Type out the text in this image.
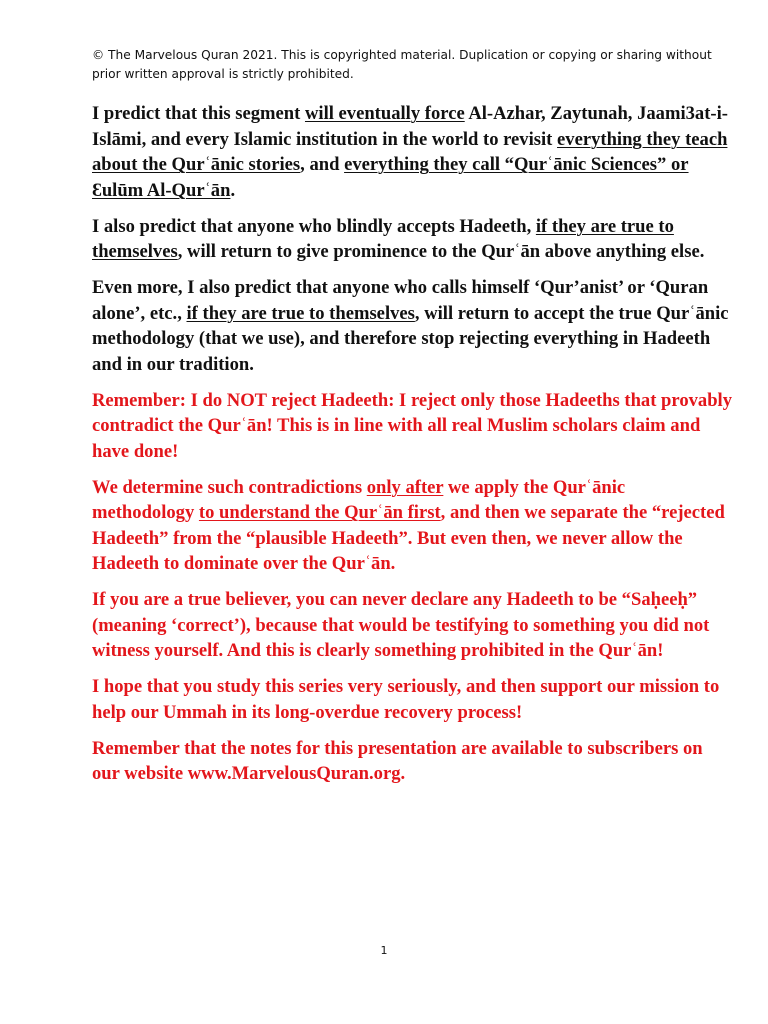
© The Marvelous Quran 2021. This is copyrighted material. Duplication or copying or sharing without prior written approval is strictly prohibited.

I predict that this segment will eventually force Al-Azhar, Zaytunah, Jaami3at-i-Islāmi, and every Islamic institution in the world to revisit everything they teach about the Qurʿānic stories, and everything they call “Qurʿānic Sciences” or Ɛulūm Al-Qurʿān.

I also predict that anyone who blindly accepts Hadeeth, if they are true to themselves, will return to give prominence to the Qurʿān above anything else.

Even more, I also predict that anyone who calls himself ‘Qur’anist’ or ‘Quran alone’, etc., if they are true to themselves, will return to accept the true Qurʿānic methodology (that we use), and therefore stop rejecting everything in Hadeeth and in our tradition.

Remember: I do NOT reject Hadeeth: I reject only those Hadeeths that provably contradict the Qurʿān! This is in line with all real Muslim scholars claim and have done!

We determine such contradictions only after we apply the Qurʿānic methodology to understand the Qurʿān first, and then we separate the “rejected Hadeeth” from the “plausible Hadeeth”. But even then, we never allow the Hadeeth to dominate over the Qurʿān.

If you are a true believer, you can never declare any Hadeeth to be “Saḥeeḥ” (meaning ‘correct’), because that would be testifying to something you did not witness yourself. And this is clearly something prohibited in the Qurʿān!

I hope that you study this series very seriously, and then support our mission to help our Ummah in its long-overdue recovery process!

Remember that the notes for this presentation are available to subscribers on our website www.MarvelousQuran.org.

1
